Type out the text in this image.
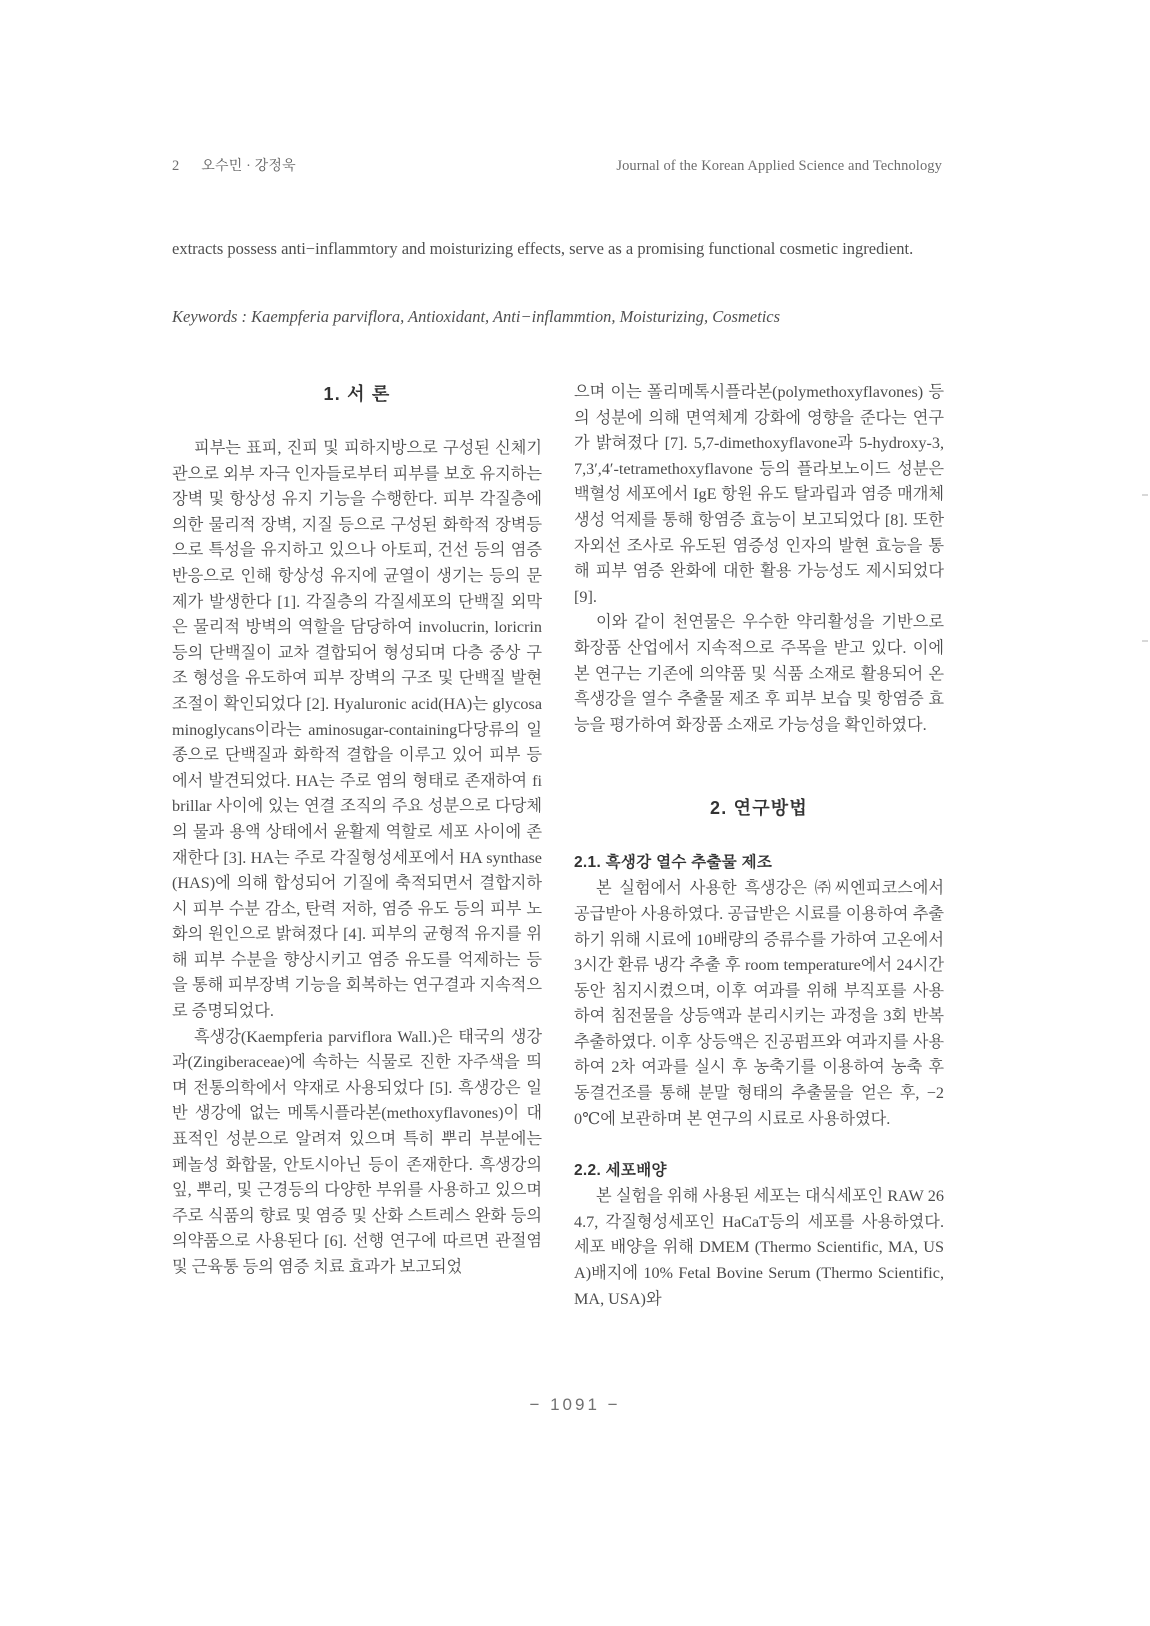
2 오수민 · 강정욱	Journal of the Korean Applied Science and Technology

extracts possess anti−inflammtory and moisturizing effects, serve as a promising functional cosmetic ingredient.

Keywords : Kaempferia parviflora, Antioxidant, Anti−inflammtion, Moisturizing, Cosmetics
1. 서 론

피부는 표피, 진피 및 피하지방으로 구성된 신체기관으로 외부 자극 인자들로부터 피부를 보호 유지하는 장벽 및 항상성 유지 기능을 수행한다. 피부 각질층에 의한 물리적 장벽, 지질 등으로 구성된 화학적 장벽등으로 특성을 유지하고 있으나 아토피, 건선 등의 염증 반응으로 인해 항상성 유지에 균열이 생기는 등의 문제가 발생한다 [1]. 각질층의 각질세포의 단백질 외막은 물리적 방벽의 역할을 담당하여 involucrin, loricrin등의 단백질이 교차 결합되어 형성되며 다층 중상 구조 형성을 유도하여 피부 장벽의 구조 및 단백질 발현 조절이 확인되었다 [2]. Hyaluronic acid(HA)는 glycosaminoglycans이라는 aminosugar-containing다당류의 일종으로 단백질과 화학적 결합을 이루고 있어 피부 등에서 발견되었다. HA는 주로 염의 형태로 존재하여 fibrillar 사이에 있는 연결 조직의 주요 성분으로 다당체의 물과 용액 상태에서 윤활제 역할로 세포 사이에 존재한다 [3]. HA는 주로 각질형성세포에서 HA synthase(HAS)에 의해 합성되어 기질에 축적되면서 결합지하 시 피부 수분 감소, 탄력 저하, 염증 유도 등의 피부 노화의 원인으로 밝혀졌다 [4]. 피부의 균형적 유지를 위해 피부 수분을 향상시키고 염증 유도를 억제하는 등을 통해 피부장벽 기능을 회복하는 연구결과 지속적으로 증명되었다.

흑생강(Kaempferia parviflora Wall.)은 태국의 생강과(Zingiberaceae)에 속하는 식물로 진한 자주색을 띄며 전통의학에서 약재로 사용되었다 [5]. 흑생강은 일반 생강에 없는 메톡시플라본(methoxyflavones)이 대표적인 성분으로 알려져 있으며 특히 뿌리 부분에는 페놀성 화합물, 안토시아닌 등이 존재한다. 흑생강의 잎, 뿌리, 및 근경등의 다양한 부위를 사용하고 있으며 주로 식품의 향료 및 염증 및 산화 스트레스 완화 등의 의약품으로 사용된다 [6]. 선행 연구에 따르면 관절염 및 근육통 등의 염증 치료 효과가 보고되었

으며 이는 폴리메톡시플라본(polymethoxyflavones) 등의 성분에 의해 면역체계 강화에 영향을 준다는 연구가 밝혀졌다 [7]. 5,7-dimethoxyflavone과 5-hydroxy-3,7,3′,4′-tetramethoxyflavone 등의 플라보노이드 성분은 백혈성 세포에서 IgE 항원 유도 탈과립과 염증 매개체 생성 억제를 통해 항염증 효능이 보고되었다 [8]. 또한 자외선 조사로 유도된 염증성 인자의 발현 효능을 통해 피부 염증 완화에 대한 활용 가능성도 제시되었다 [9].

이와 같이 천연물은 우수한 약리활성을 기반으로 화장품 산업에서 지속적으로 주목을 받고 있다. 이에 본 연구는 기존에 의약품 및 식품 소재로 활용되어 온 흑생강을 열수 추출물 제조 후 피부 보습 및 항염증 효능을 평가하여 화장품 소재로 가능성을 확인하였다.

2. 연구방법
2.1. 흑생강 열수 추출물 제조

본 실험에서 사용한 흑생강은 ㈜씨엔피코스에서 공급받아 사용하였다. 공급받은 시료를 이용하여 추출하기 위해 시료에 10배량의 증류수를 가하여 고온에서 3시간 환류 냉각 추출 후 room temperature에서 24시간 동안 침지시켰으며, 이후 여과를 위해 부직포를 사용하여 침전물을 상등액과 분리시키는 과정을 3회 반복 추출하였다. 이후 상등액은 진공펌프와 여과지를 사용하여 2차 여과를 실시 후 농축기를 이용하여 농축 후 동결건조를 통해 분말 형태의 추출물을 얻은 후, −20℃에 보관하며 본 연구의 시료로 사용하였다.

2.2. 세포배양

본 실험을 위해 사용된 세포는 대식세포인 RAW 264.7, 각질형성세포인 HaCaT등의 세포를 사용하였다. 세포 배양을 위해 DMEM (Thermo Scientific, MA, USA)배지에 10% Fetal Bovine Serum (Thermo Scientific, MA, USA)와

− 1091 −
